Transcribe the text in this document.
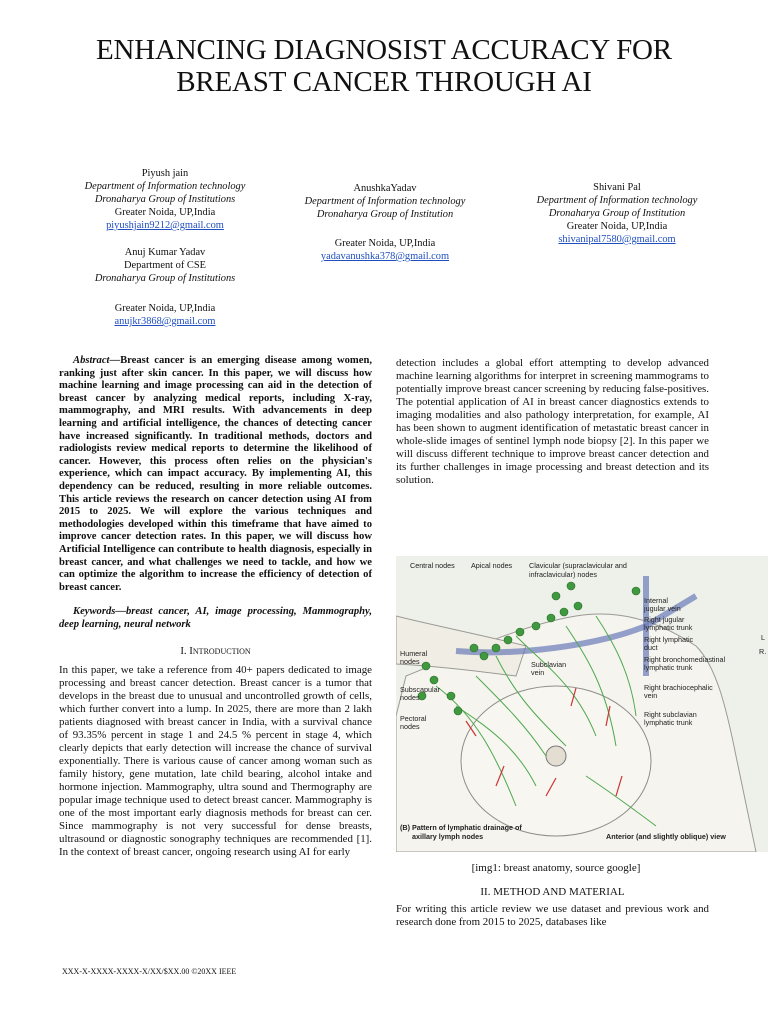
ENHANCING DIAGNOSIST ACCURACY FOR BREAST CANCER THROUGH AI
Piyush jain
Department of Information technology
Dronaharya Group of Institutions
Greater Noida, UP,India
piyushjain9212@gmail.com
Anuj Kumar Yadav
Department of CSE
Dronaharya Group of Institutions
Greater Noida, UP,India
anujkr3868@gmail.com
AnushkaYadav
Department of Information technology
Dronaharya Group of Institution
Greater Noida, UP,India
yadavanushka378@gmail.com
Shivani Pal
Department of Information technology
Dronaharya Group of Institution
Greater Noida, UP,India
shivanipal7580@gmail.com
Abstract—Breast cancer is an emerging disease among women, ranking just after skin cancer. In this paper, we will discuss how machine learning and image processing can aid in the detection of breast cancer by analyzing medical reports, including X-ray, mammography, and MRI results. With advancements in deep learning and artificial intelligence, the chances of detecting cancer have increased significantly. In traditional methods, doctors and radiologists review medical reports to determine the likelihood of cancer. However, this process often relies on the physician's experience, which can impact accuracy. By implementing AI, this dependency can be reduced, resulting in more reliable outcomes. This article reviews the research on cancer detection using AI from 2015 to 2025. We will explore the various techniques and methodologies developed within this timeframe that have aimed to improve cancer detection rates. In this paper, we will discuss how Artificial Intelligence can contribute to health diagnosis, especially in breast cancer, and what challenges we need to tackle, and how we can optimize the algorithm to increase the efficiency of detection of breast cancer.
Keywords—breast cancer, AI, image processing, Mammography, deep learning, neural network
I. Introduction
In this paper, we take a reference from 40+ papers dedicated to image processing and breast cancer detection. Breast cancer is a tumor that develops in the breast due to unusual and uncontrolled growth of cells, which further convert into a lump. In 2025, there are more than 2 lakh patients diagnosed with breast cancer in India, with a survival chance of 93.35% percent in stage 1 and 24.5 % percent in stage 4, which clearly depicts that early detection will increase the chance of survival exponentially. There is various cause of cancer among woman such as family history, gene mutation, late child bearing, alcohol intake and hormone injection. Mammography, ultra sound and Thermography are popular image technique used to detect breast cancer. Mammography is one of the most important early diagnosis methods for breast can cer. Since mammography is not very successful for dense breasts, ultrasound or diagnostic sonography techniques are recommended [1]. In the context of breast cancer, ongoing research using AI for early
detection includes a global effort attempting to develop advanced machine learning algorithms for interpret in screening mammograms to potentially improve breast cancer screening by reducing false-positives. The potential application of AI in breast cancer diagnostics extends to imaging modalities and also pathology interpretation, for example, AI has been shown to augment identification of metastatic breast cancer in whole-slide images of sentinel lymph node biopsy [2]. In this paper we will discuss different technique to improve breast cancer detection and its further challenges in image processing and breast detection and its solution.
Central nodes Apical nodes Clavicular (supraclavicular and
infraclavicular) nodes
Internal
jugular vein
Right jugular
lymphatic trunk
Right lymphatic
duct
Right bronchomediastinal
lymphatic trunk
Right brachiocephalic
vein
Right subclavian
lymphatic trunk
Humeral
nodes	Subclavian
vein
Subscapular
nodes
Pectoral
nodes
L
R.
(B) Pattern of lymphatic drainage of
axillary lymph nodes	Anterior (and slightly oblique) view
[img1: breast anatomy, source google]
II. METHOD AND MATERIAL
For writing this article review we use dataset and previous work and research done from 2015 to 2025, databases like
XXX-X-XXXX-XXXX-X/XX/$XX.00 ©20XX IEEE
